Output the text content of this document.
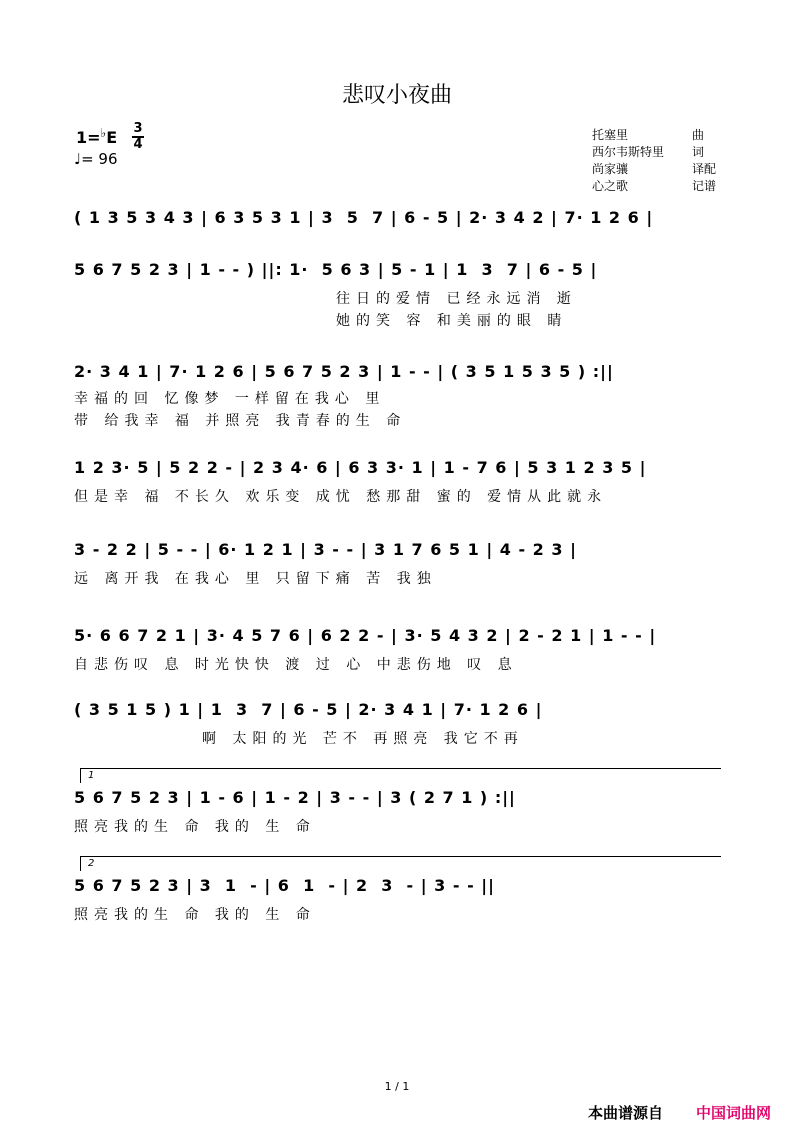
悲叹小夜曲
1=♭E 3
4
♩= 96
托塞里	曲
西尔韦斯特里 词
尚家骧	译配
心之歌	记谱
( 1 3 5 3 4 3 | 6 3 5 3 1 | 3  5  7 | 6 - 5 | 2· 3 4 2 | 7· 1 2 6 |
5 6 7 5 2 3 | 1 - - ) ||: 1·  5 6 3 | 5 - 1 | 1  3  7 | 6 - 5 |
往日的爱情 已经永远消 逝
她的笑 容 和美丽的眼 睛
2· 3 4 1 | 7· 1 2 6 | 5 6 7 5 2 3 | 1 - - | ( 3 5 1 5 3 5 ) :||
幸福的回 忆像梦 一样留在我心 里
带 给我幸 福 并照亮 我青春的生 命
1 2 3· 5 | 5 2 2 - | 2 3 4· 6 | 6 3 3· 1 | 1 - 7 6 | 5 3 1 2 3 5 |
但是幸 福 不长久 欢乐变 成忧 愁那甜 蜜的 爱情从此就永
3 - 2 2 | 5 - - | 6· 1 2 1 | 3 - - | 3 1 7 6 5 1 | 4 - 2 3 |
远 离开我 在我心 里 只留下痛 苦 我独
5· 6 6 7 2 1 | 3· 4 5 7 6 | 6 2 2 - | 3· 5 4 3 2 | 2 - 2 1 | 1 - - |
自悲伤叹 息 时光快快 渡 过 心 中悲伤地 叹 息
( 3 5 1 5 ) 1 | 1  3  7 | 6 - 5 | 2· 3 4 1 | 7· 1 2 6 |
啊 太阳的光 芒不 再照亮 我它不再
1
5 6 7 5 2 3 | 1 - 6 | 1 - 2 | 3 - - | 3 ( 2 7 1 ) :||
照亮我的生 命 我的 生 命
2
5 6 7 5 2 3 | 3  1  - | 6  1  - | 2  3  - | 3 - - ||
照亮我的生 命 我的 生 命
1 / 1
本曲谱源自 中国词曲网
